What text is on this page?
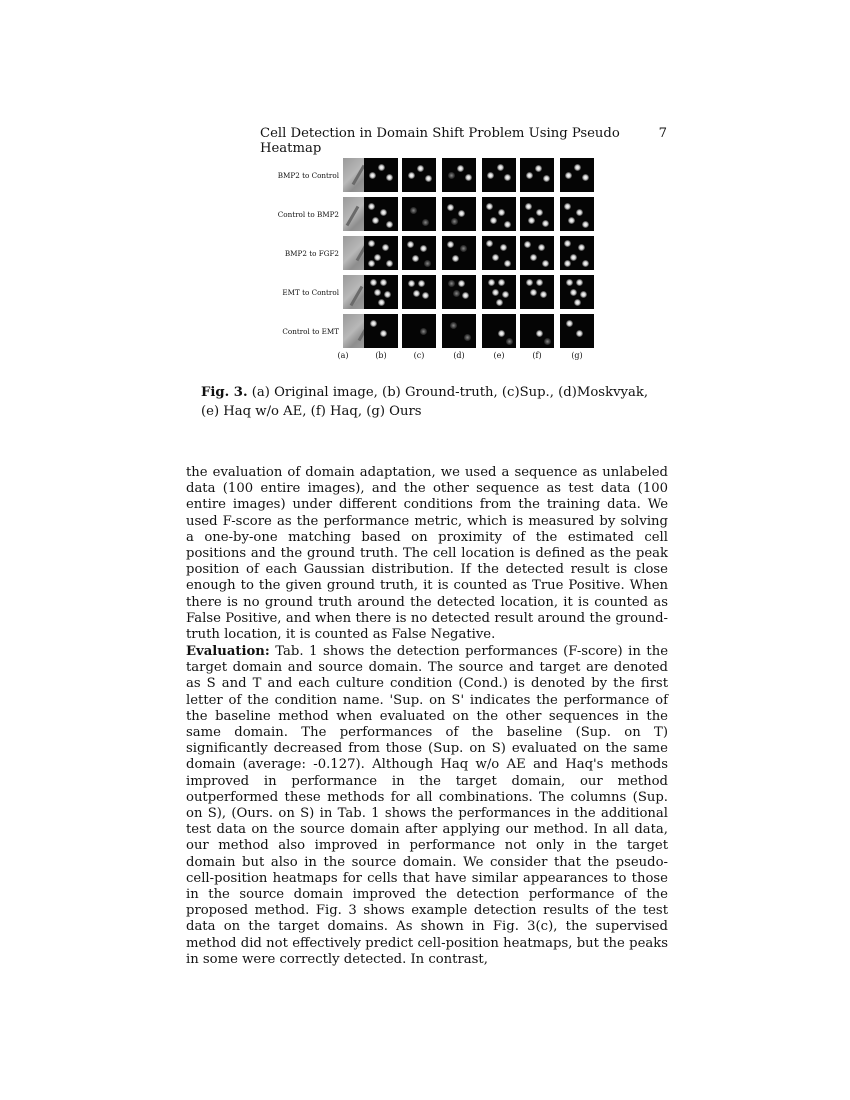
Cell Detection in Domain Shift Problem Using Pseudo Heatmap
7
BMP2 to Control
Control to BMP2
BMP2 to FGF2
EMT to Control
Control to EMT
(a)	(b)	(c)	(d)	(e)	(f)	(g)
Fig. 3. (a) Original image, (b) Ground-truth, (c)Sup., (d)Moskvyak, (e) Haq w/o AE, (f) Haq, (g) Ours
the evaluation of domain adaptation, we used a sequence as unlabeled data (100 entire images), and the other sequence as test data (100 entire images) under different conditions from the training data. We used F-score as the performance metric, which is measured by solving a one-by-one matching based on proximity of the estimated cell positions and the ground truth. The cell location is defined as the peak position of each Gaussian distribution. If the detected result is close enough to the given ground truth, it is counted as True Positive. When there is no ground truth around the detected location, it is counted as False Positive, and when there is no detected result around the ground-truth location, it is counted as False Negative.
Evaluation: Tab. 1 shows the detection performances (F-score) in the target domain and source domain. The source and target are denoted as S and T and each culture condition (Cond.) is denoted by the first letter of the condition name. 'Sup. on S' indicates the performance of the baseline method when evaluated on the other sequences in the same domain. The performances of the baseline (Sup. on T) significantly decreased from those (Sup. on S) evaluated on the same domain (average: -0.127). Although Haq w/o AE and Haq's methods improved in performance in the target domain, our method outperformed these methods for all combinations. The columns (Sup. on S), (Ours. on S) in Tab. 1 shows the performances in the additional test data on the source domain after applying our method. In all data, our method also improved in performance not only in the target domain but also in the source domain. We consider that the pseudo-cell-position heatmaps for cells that have similar appearances to those in the source domain improved the detection performance of the proposed method. Fig. 3 shows example detection results of the test data on the target domains. As shown in Fig. 3(c), the supervised method did not effectively predict cell-position heatmaps, but the peaks in some were correctly detected. In contrast,
